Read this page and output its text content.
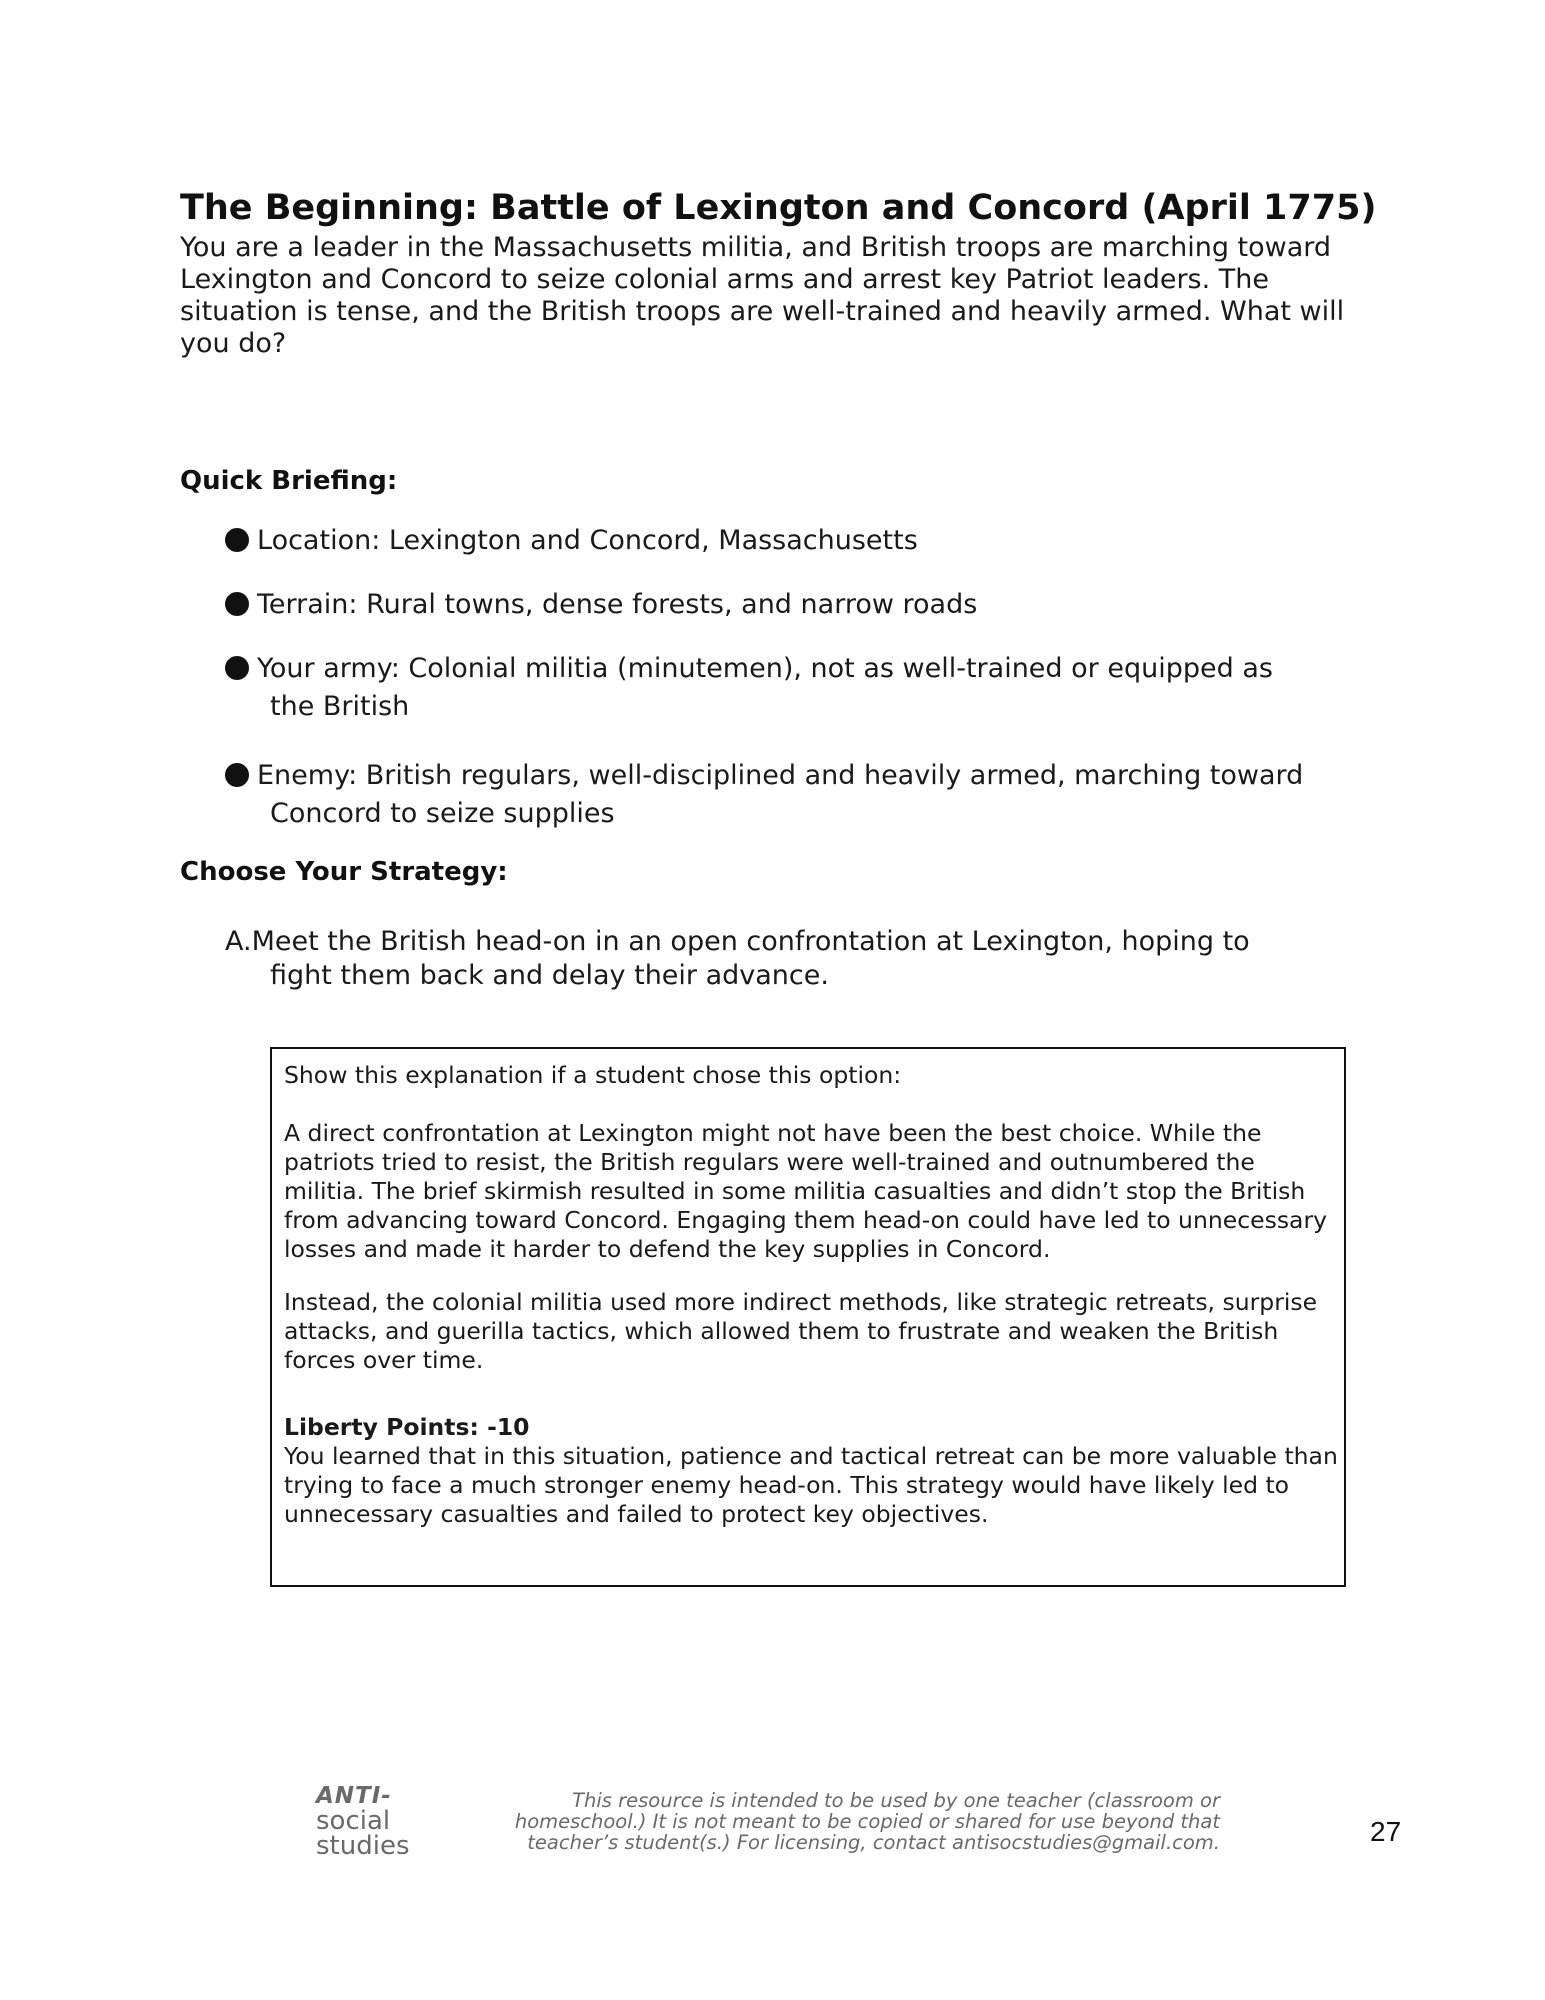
The Beginning: Battle of Lexington and Concord (April 1775)
You are a leader in the Massachusetts militia, and British troops are marching toward Lexington and Concord to seize colonial arms and arrest key Patriot leaders. The situation is tense, and the British troops are well-trained and heavily armed. What will you do?
Quick Briefing:
Location: Lexington and Concord, Massachusetts
Terrain: Rural towns, dense forests, and narrow roads
Your army: Colonial militia (minutemen), not as well-trained or equipped as
the British
Enemy: British regulars, well-disciplined and heavily armed, marching toward
Concord to seize supplies
Choose Your Strategy:
A.Meet the British head-on in an open confrontation at Lexington, hoping to
fight them back and delay their advance.

Show this explanation if a student chose this option:

A direct confrontation at Lexington might not have been the best choice. While the patriots tried to resist, the British regulars were well-trained and outnumbered the militia. The brief skirmish resulted in some militia casualties and didn’t stop the British from advancing toward Concord. Engaging them head-on could have led to unnecessary losses and made it harder to defend the key supplies in Concord.

Instead, the colonial militia used more indirect methods, like strategic retreats, surprise attacks, and guerilla tactics, which allowed them to frustrate and weaken the British forces over time.

Liberty Points: -10

You learned that in this situation, patience and tactical retreat can be more valuable than trying to face a much stronger enemy head-on. This strategy would have likely led to unnecessary casualties and failed to protect key objectives.

ANTI-
social
studies
This resource is intended to be used by one teacher (classroom or homeschool.) It is not meant to be copied or shared for use beyond that teacher’s student(s.) For licensing, contact antisocstudies@gmail.com.	27
